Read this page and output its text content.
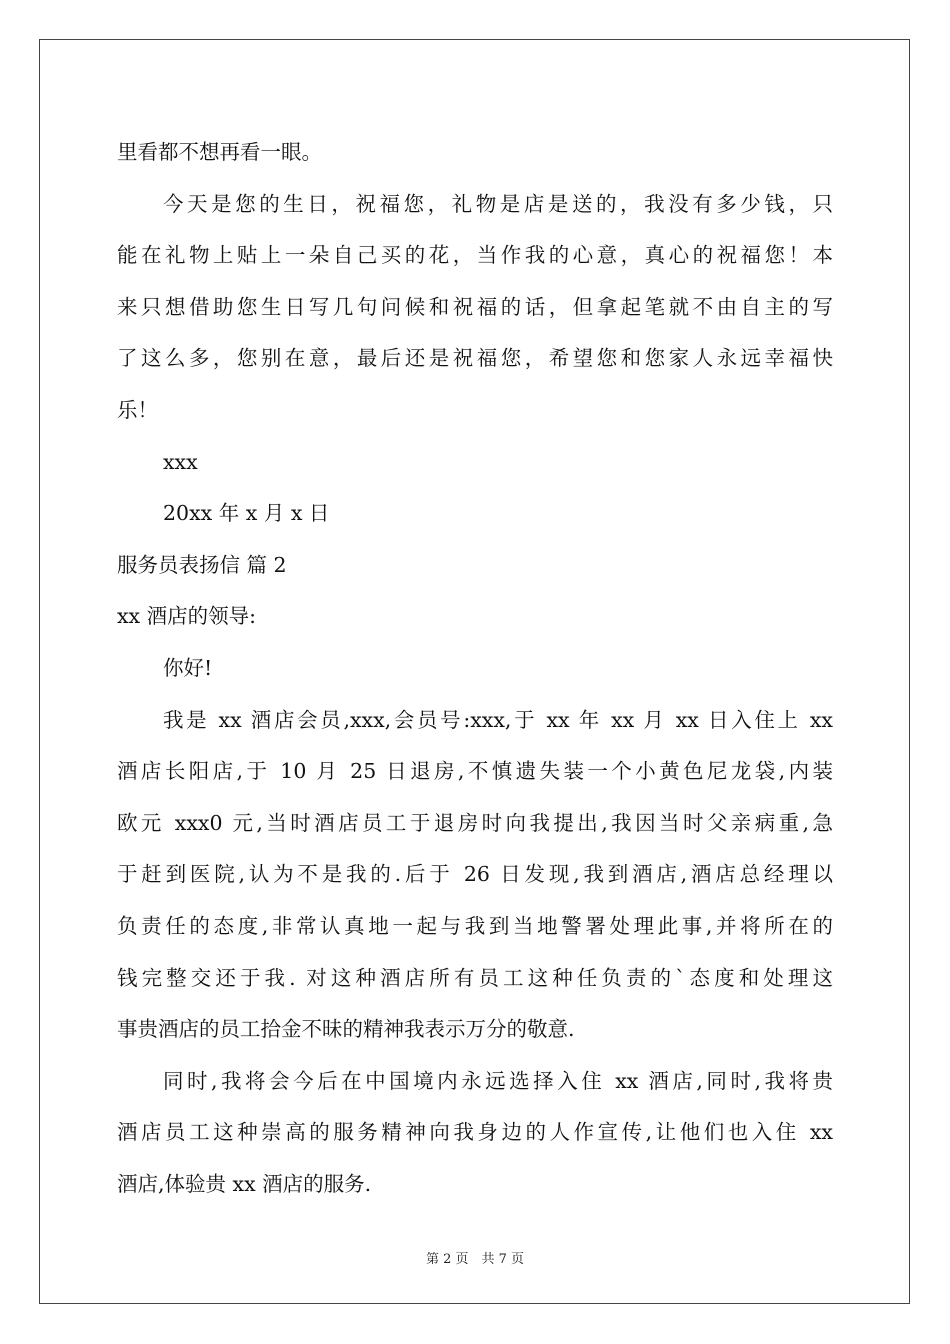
里看都不想再看一眼。
今天是您的生日，祝福您，礼物是店是送的，我没有多少钱，只
能在礼物上贴上一朵自己买的花，当作我的心意，真心的祝福您！本
来只想借助您生日写几句问候和祝福的话，但拿起笔就不由自主的写
了这么多，您别在意，最后还是祝福您，希望您和您家人永远幸福快
乐！
xxx
20xx 年 x 月 x 日
服务员表扬信 篇 2
xx 酒店的领导:
你好!
我是 xx 酒店会员,xxx,会员号:xxx,于 xx 年 xx 月 xx 日入住上 xx
酒店长阳店,于 10 月 25 日退房,不慎遗失装一个小黄色尼龙袋,内装
欧元 xxx0 元,当时酒店员工于退房时向我提出,我因当时父亲病重,急
于赶到医院,认为不是我的.后于 26 日发现,我到酒店,酒店总经理以
负责任的态度,非常认真地一起与我到当地警署处理此事,并将所在的
钱完整交还于我. 对这种酒店所有员工这种任负责的`态度和处理这
事贵酒店的员工拾金不昧的精神我表示万分的敬意.
同时,我将会今后在中国境内永远选择入住 xx 酒店,同时,我将贵
酒店员工这种崇高的服务精神向我身边的人作宣传,让他们也入住 xx
酒店,体验贵 xx 酒店的服务.
第 2 页　共 7 页
